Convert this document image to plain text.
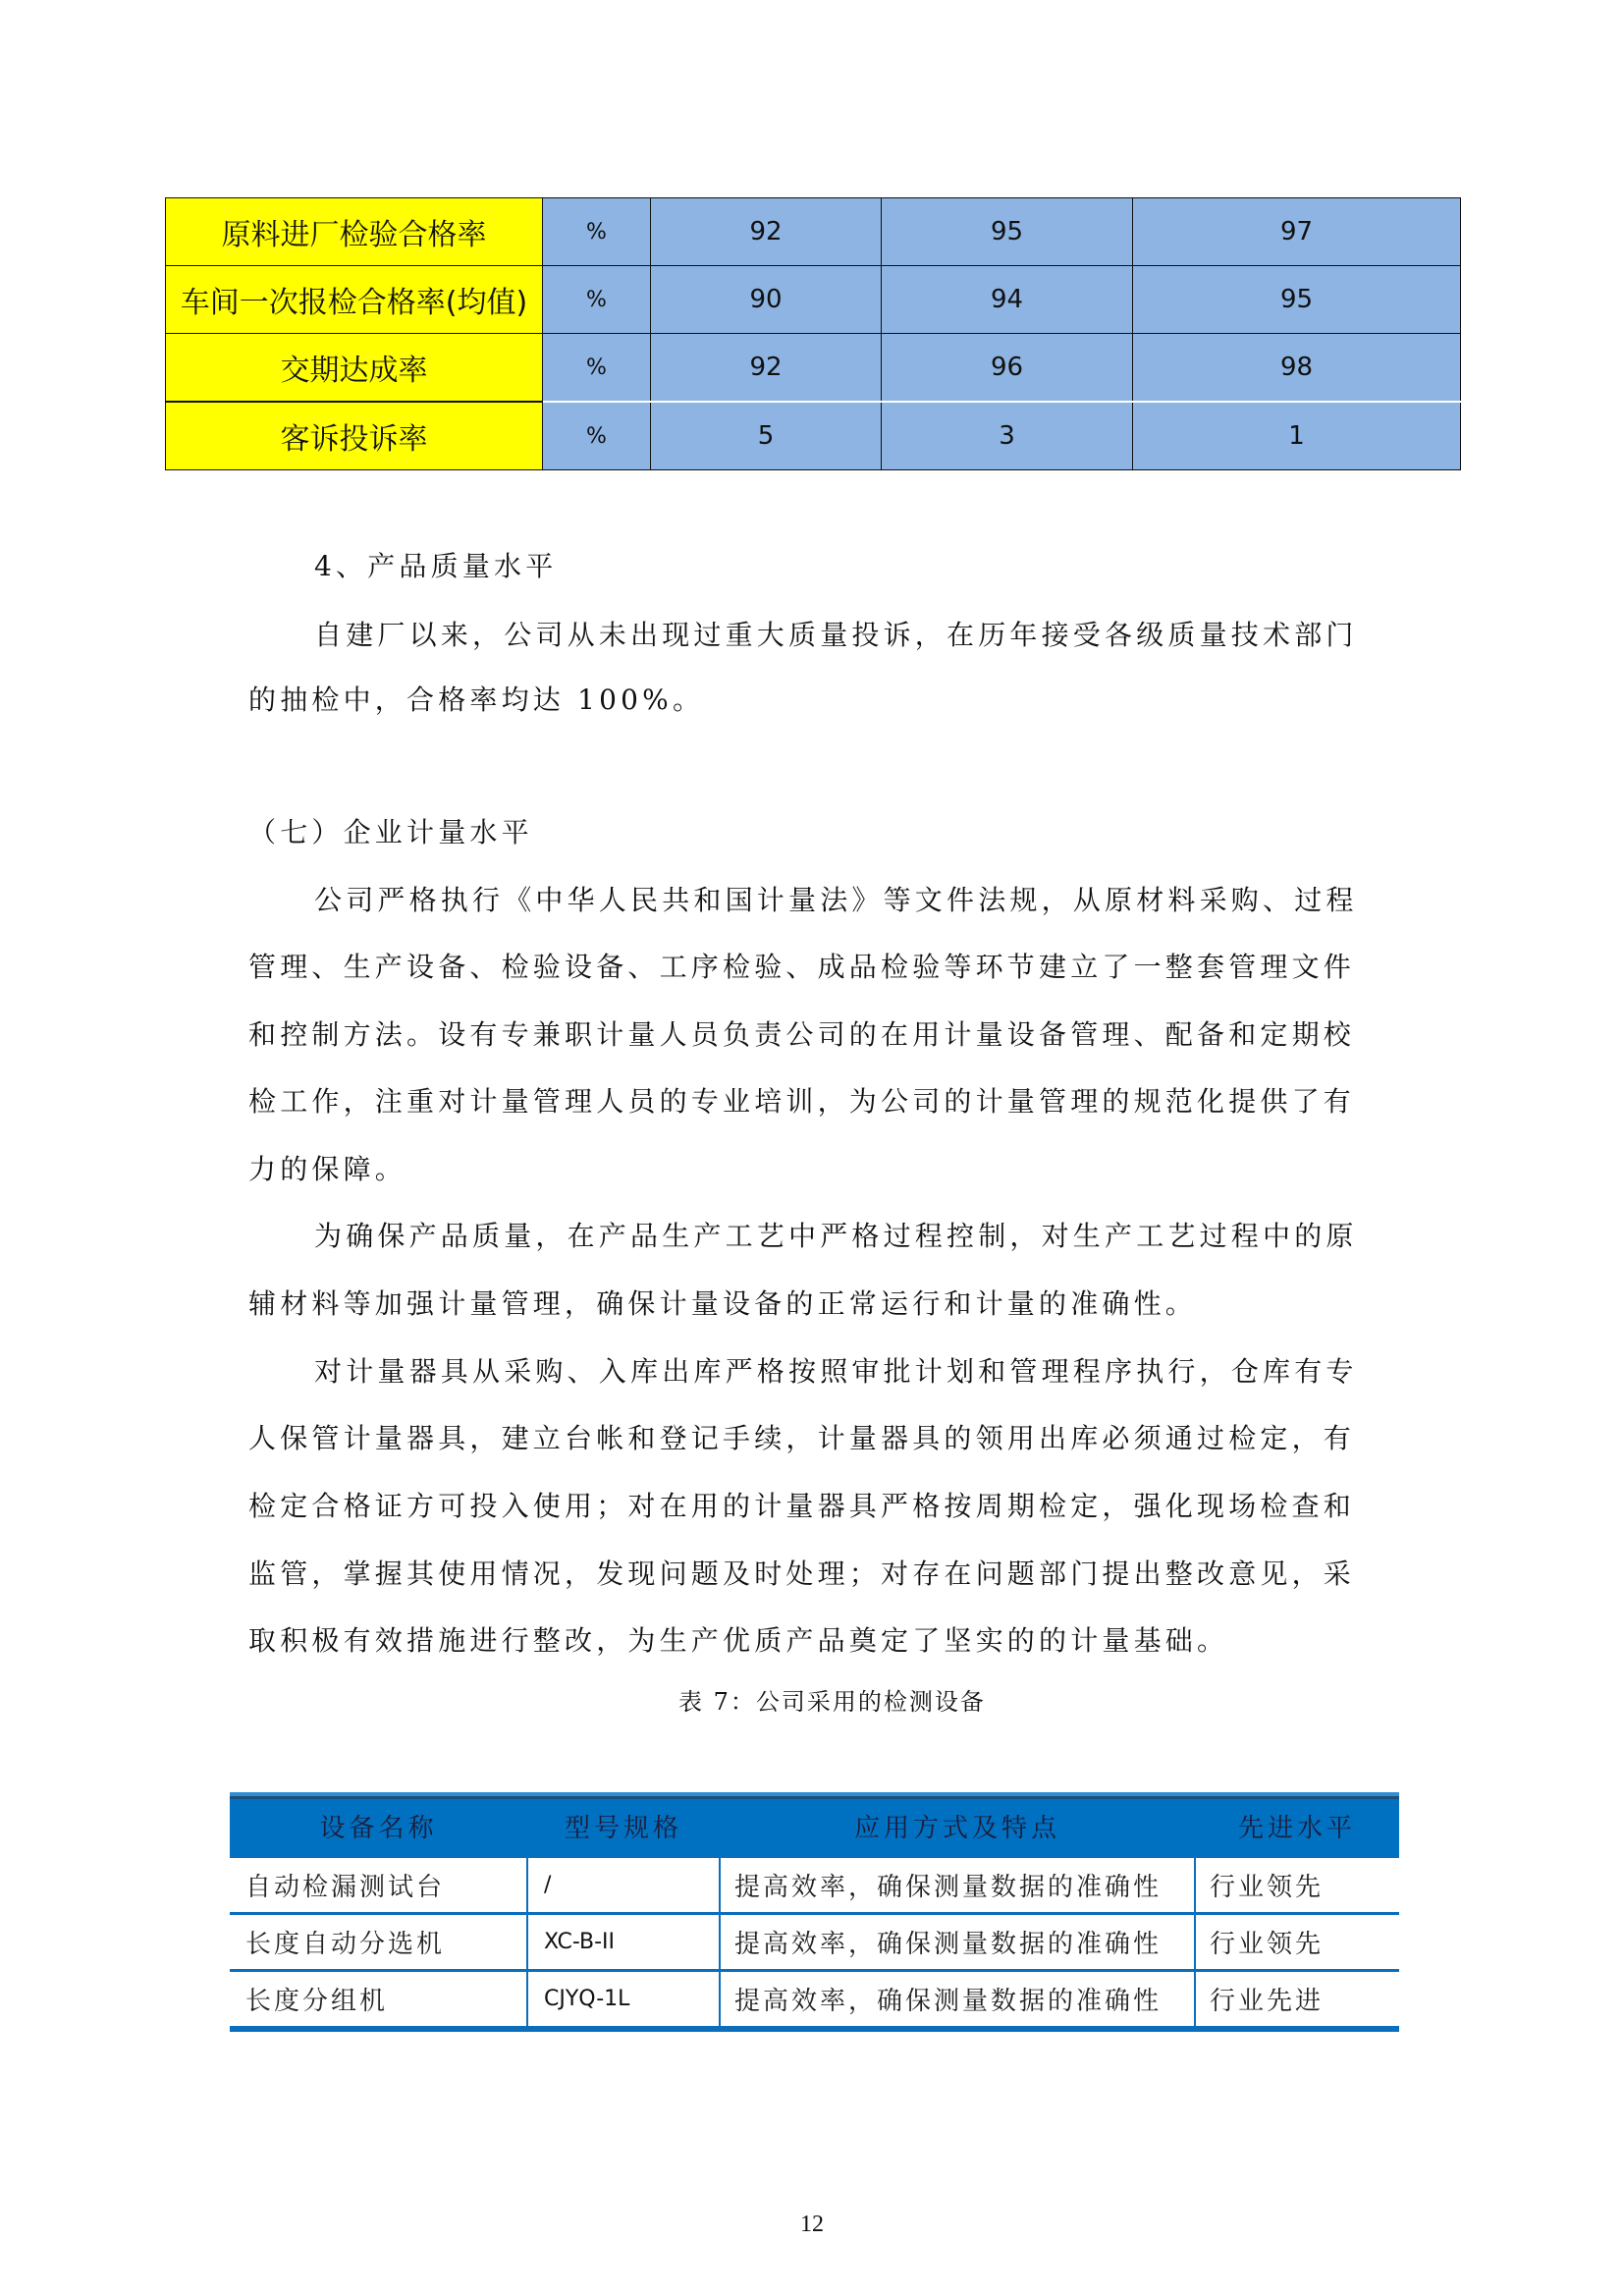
原料进厂检验合格率	%	92	95	97
车间一次报检合格率(均值)	%	90	94	95
交期达成率	%	92	96	98
客诉投诉率	%	5	3	1
4、产品质量水平
自建厂以来，公司从未出现过重大质量投诉，在历年接受各级质量技术部门
的抽检中，合格率均达 100%。
（七）企业计量水平
公司严格执行《中华人民共和国计量法》等文件法规，从原材料采购、过程
管理、生产设备、检验设备、工序检验、成品检验等环节建立了一整套管理文件
和控制方法。设有专兼职计量人员负责公司的在用计量设备管理、配备和定期校
检工作，注重对计量管理人员的专业培训，为公司的计量管理的规范化提供了有
力的保障。
为确保产品质量，在产品生产工艺中严格过程控制，对生产工艺过程中的原
辅材料等加强计量管理，确保计量设备的正常运行和计量的准确性。
对计量器具从采购、入库出库严格按照审批计划和管理程序执行，仓库有专
人保管计量器具，建立台帐和登记手续，计量器具的领用出库必须通过检定，有
检定合格证方可投入使用；对在用的计量器具严格按周期检定，强化现场检查和
监管，掌握其使用情况，发现问题及时处理；对存在问题部门提出整改意见，采
取积极有效措施进行整改，为生产优质产品奠定了坚实的的计量基础。
表 7：公司采用的检测设备
设备名称	型号规格	应用方式及特点	先进水平
自动检漏测试台	/	提高效率，确保测量数据的准确性	行业领先
长度自动分选机	XC-B-II	提高效率，确保测量数据的准确性	行业领先
长度分组机	CJYQ-1L	提高效率，确保测量数据的准确性	行业先进
12
